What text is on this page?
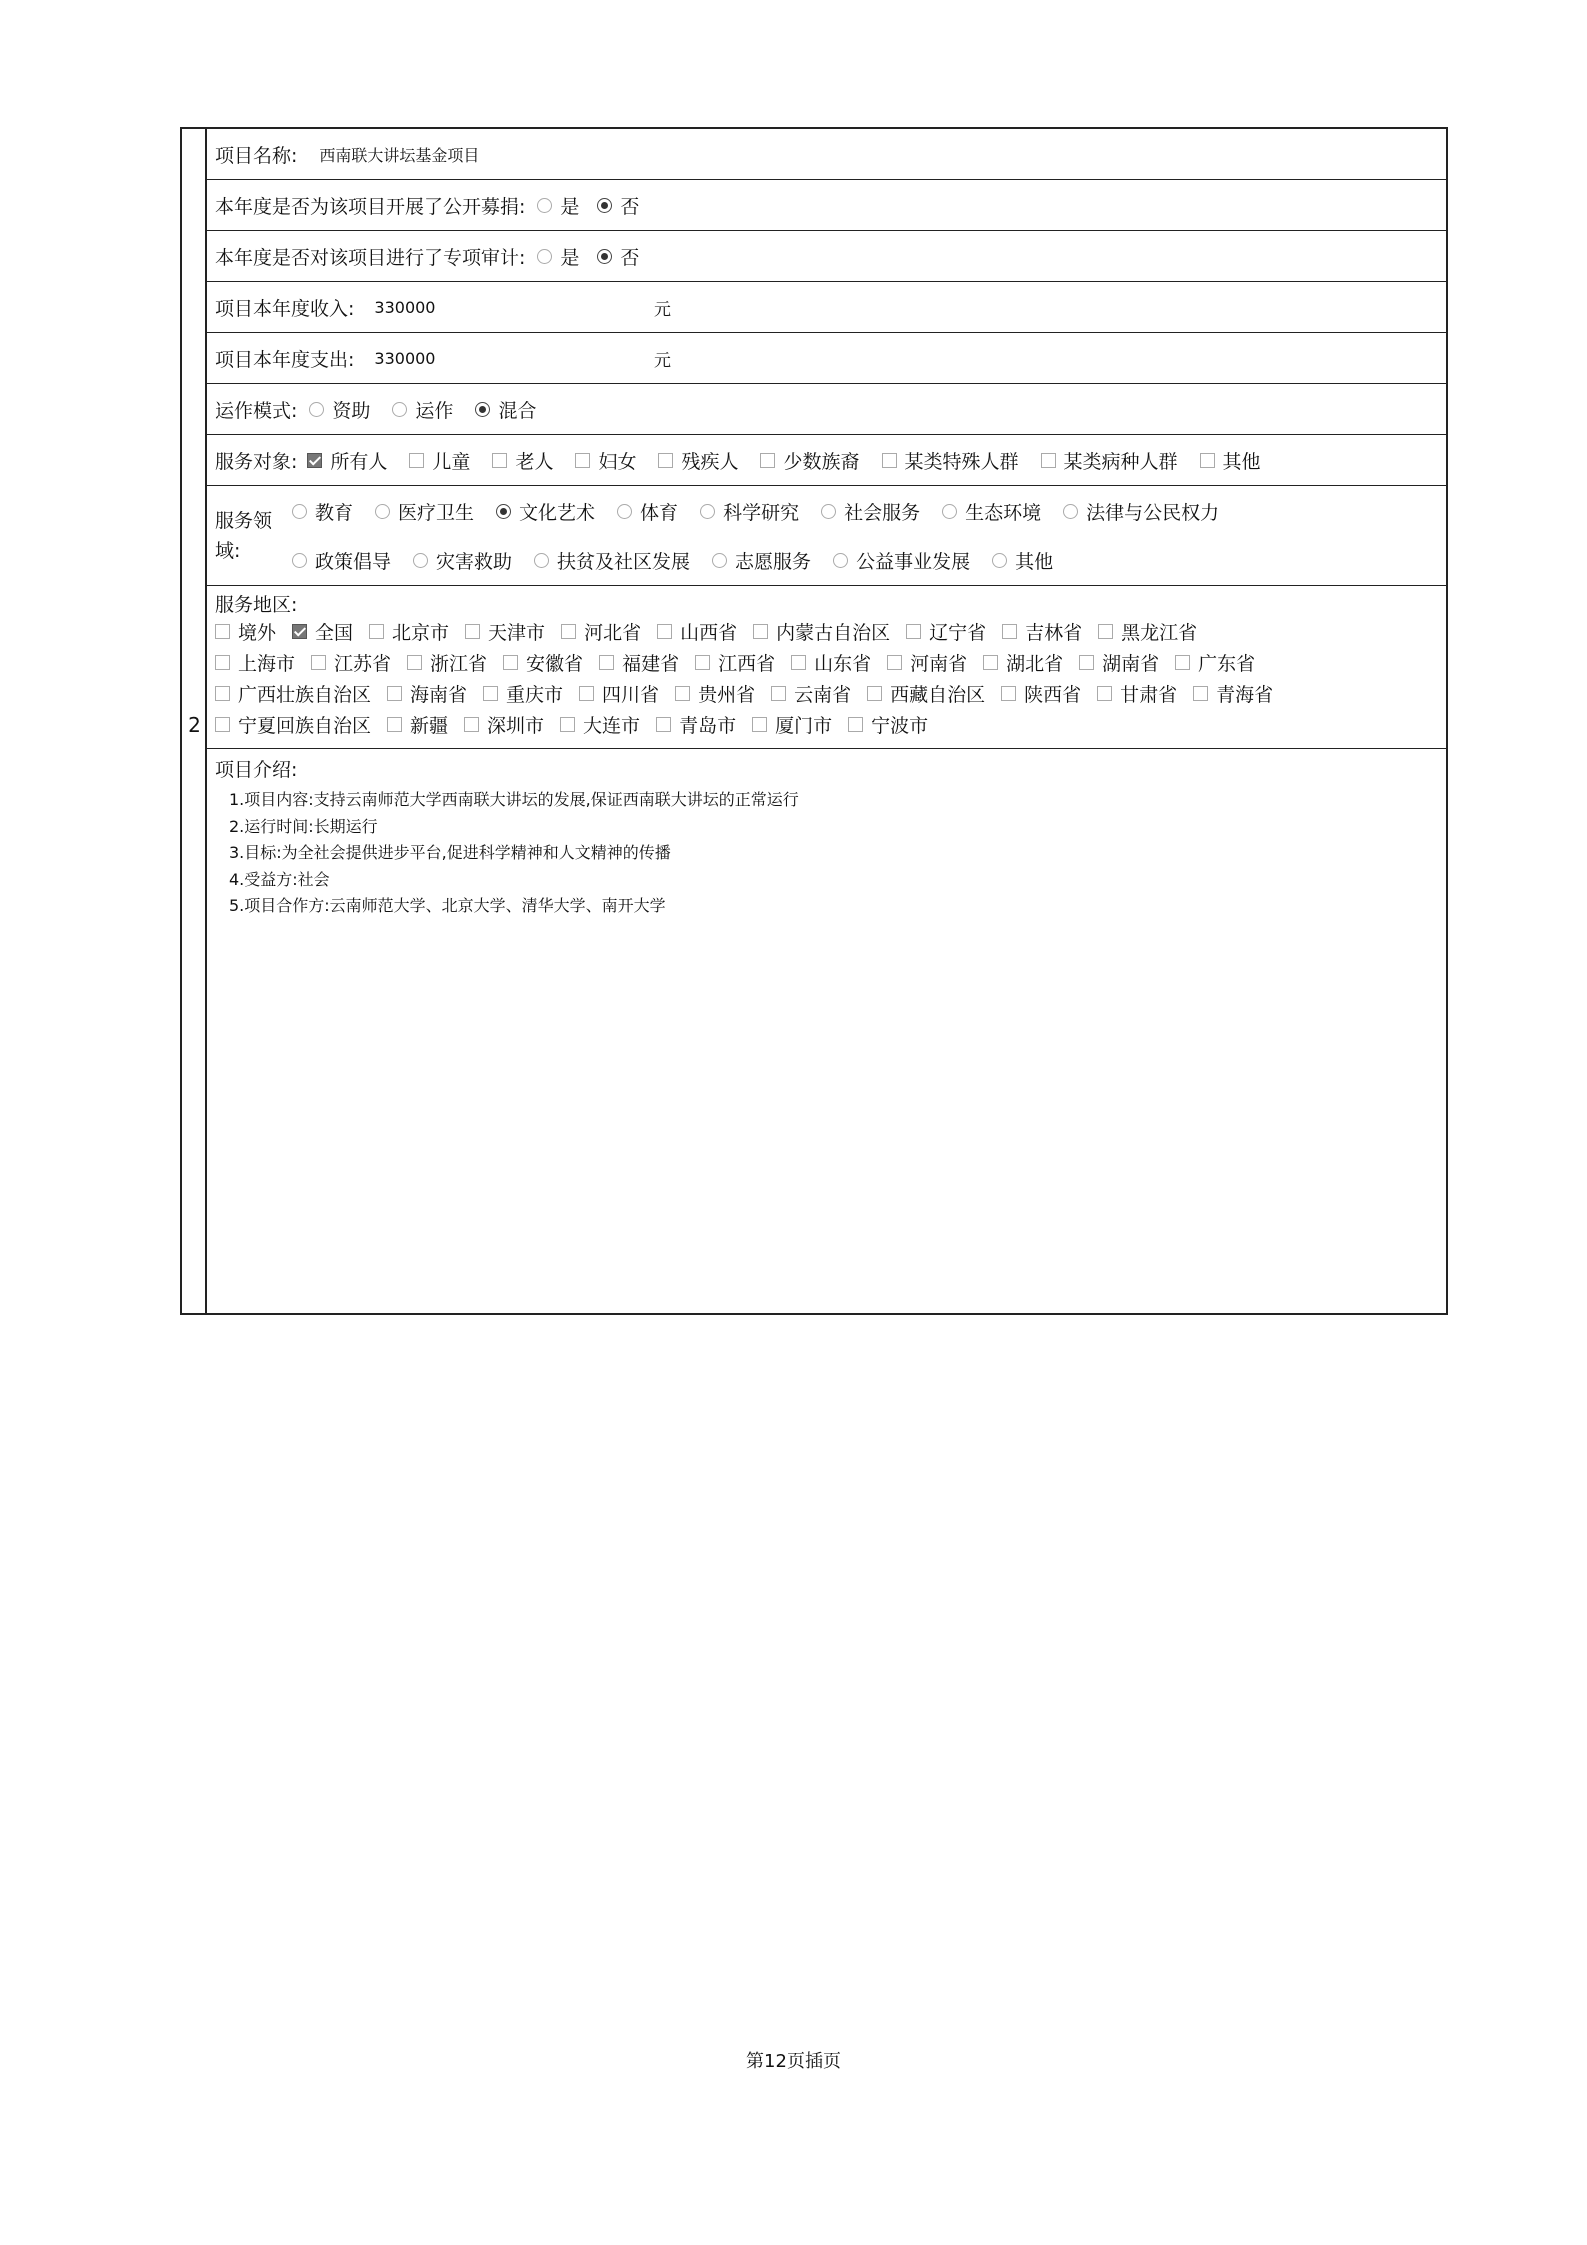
2
项目名称: 西南联大讲坛基金项目
本年度是否为该项目开展了公开募捐: 是 否
本年度是否对该项目进行了专项审计: 是 否
项目本年度收入: 330000	元
项目本年度支出: 330000	元
运作模式: 资助 运作 混合
服务对象: 所有人 儿童 老人 妇女 残疾人 少数族裔 某类特殊人群 某类病种人群 其他
服务领域:
教育 医疗卫生 文化艺术 体育 科学研究 社会服务 生态环境 法律与公民权力
政策倡导 灾害救助 扶贫及社区发展 志愿服务 公益事业发展 其他
服务地区:
境外 全国 北京市 天津市 河北省 山西省 内蒙古自治区 辽宁省 吉林省 黑龙江省
上海市 江苏省 浙江省 安徽省 福建省 江西省 山东省 河南省 湖北省 湖南省 广东省
广西壮族自治区 海南省 重庆市 四川省 贵州省 云南省 西藏自治区 陕西省 甘肃省 青海省
宁夏回族自治区 新疆 深圳市 大连市 青岛市 厦门市 宁波市
项目介绍:
1.项目内容:支持云南师范大学西南联大讲坛的发展,保证西南联大讲坛的正常运行
2.运行时间:长期运行
3.目标:为全社会提供进步平台,促进科学精神和人文精神的传播
4.受益方:社会
5.项目合作方:云南师范大学、北京大学、清华大学、南开大学
第12页插页
